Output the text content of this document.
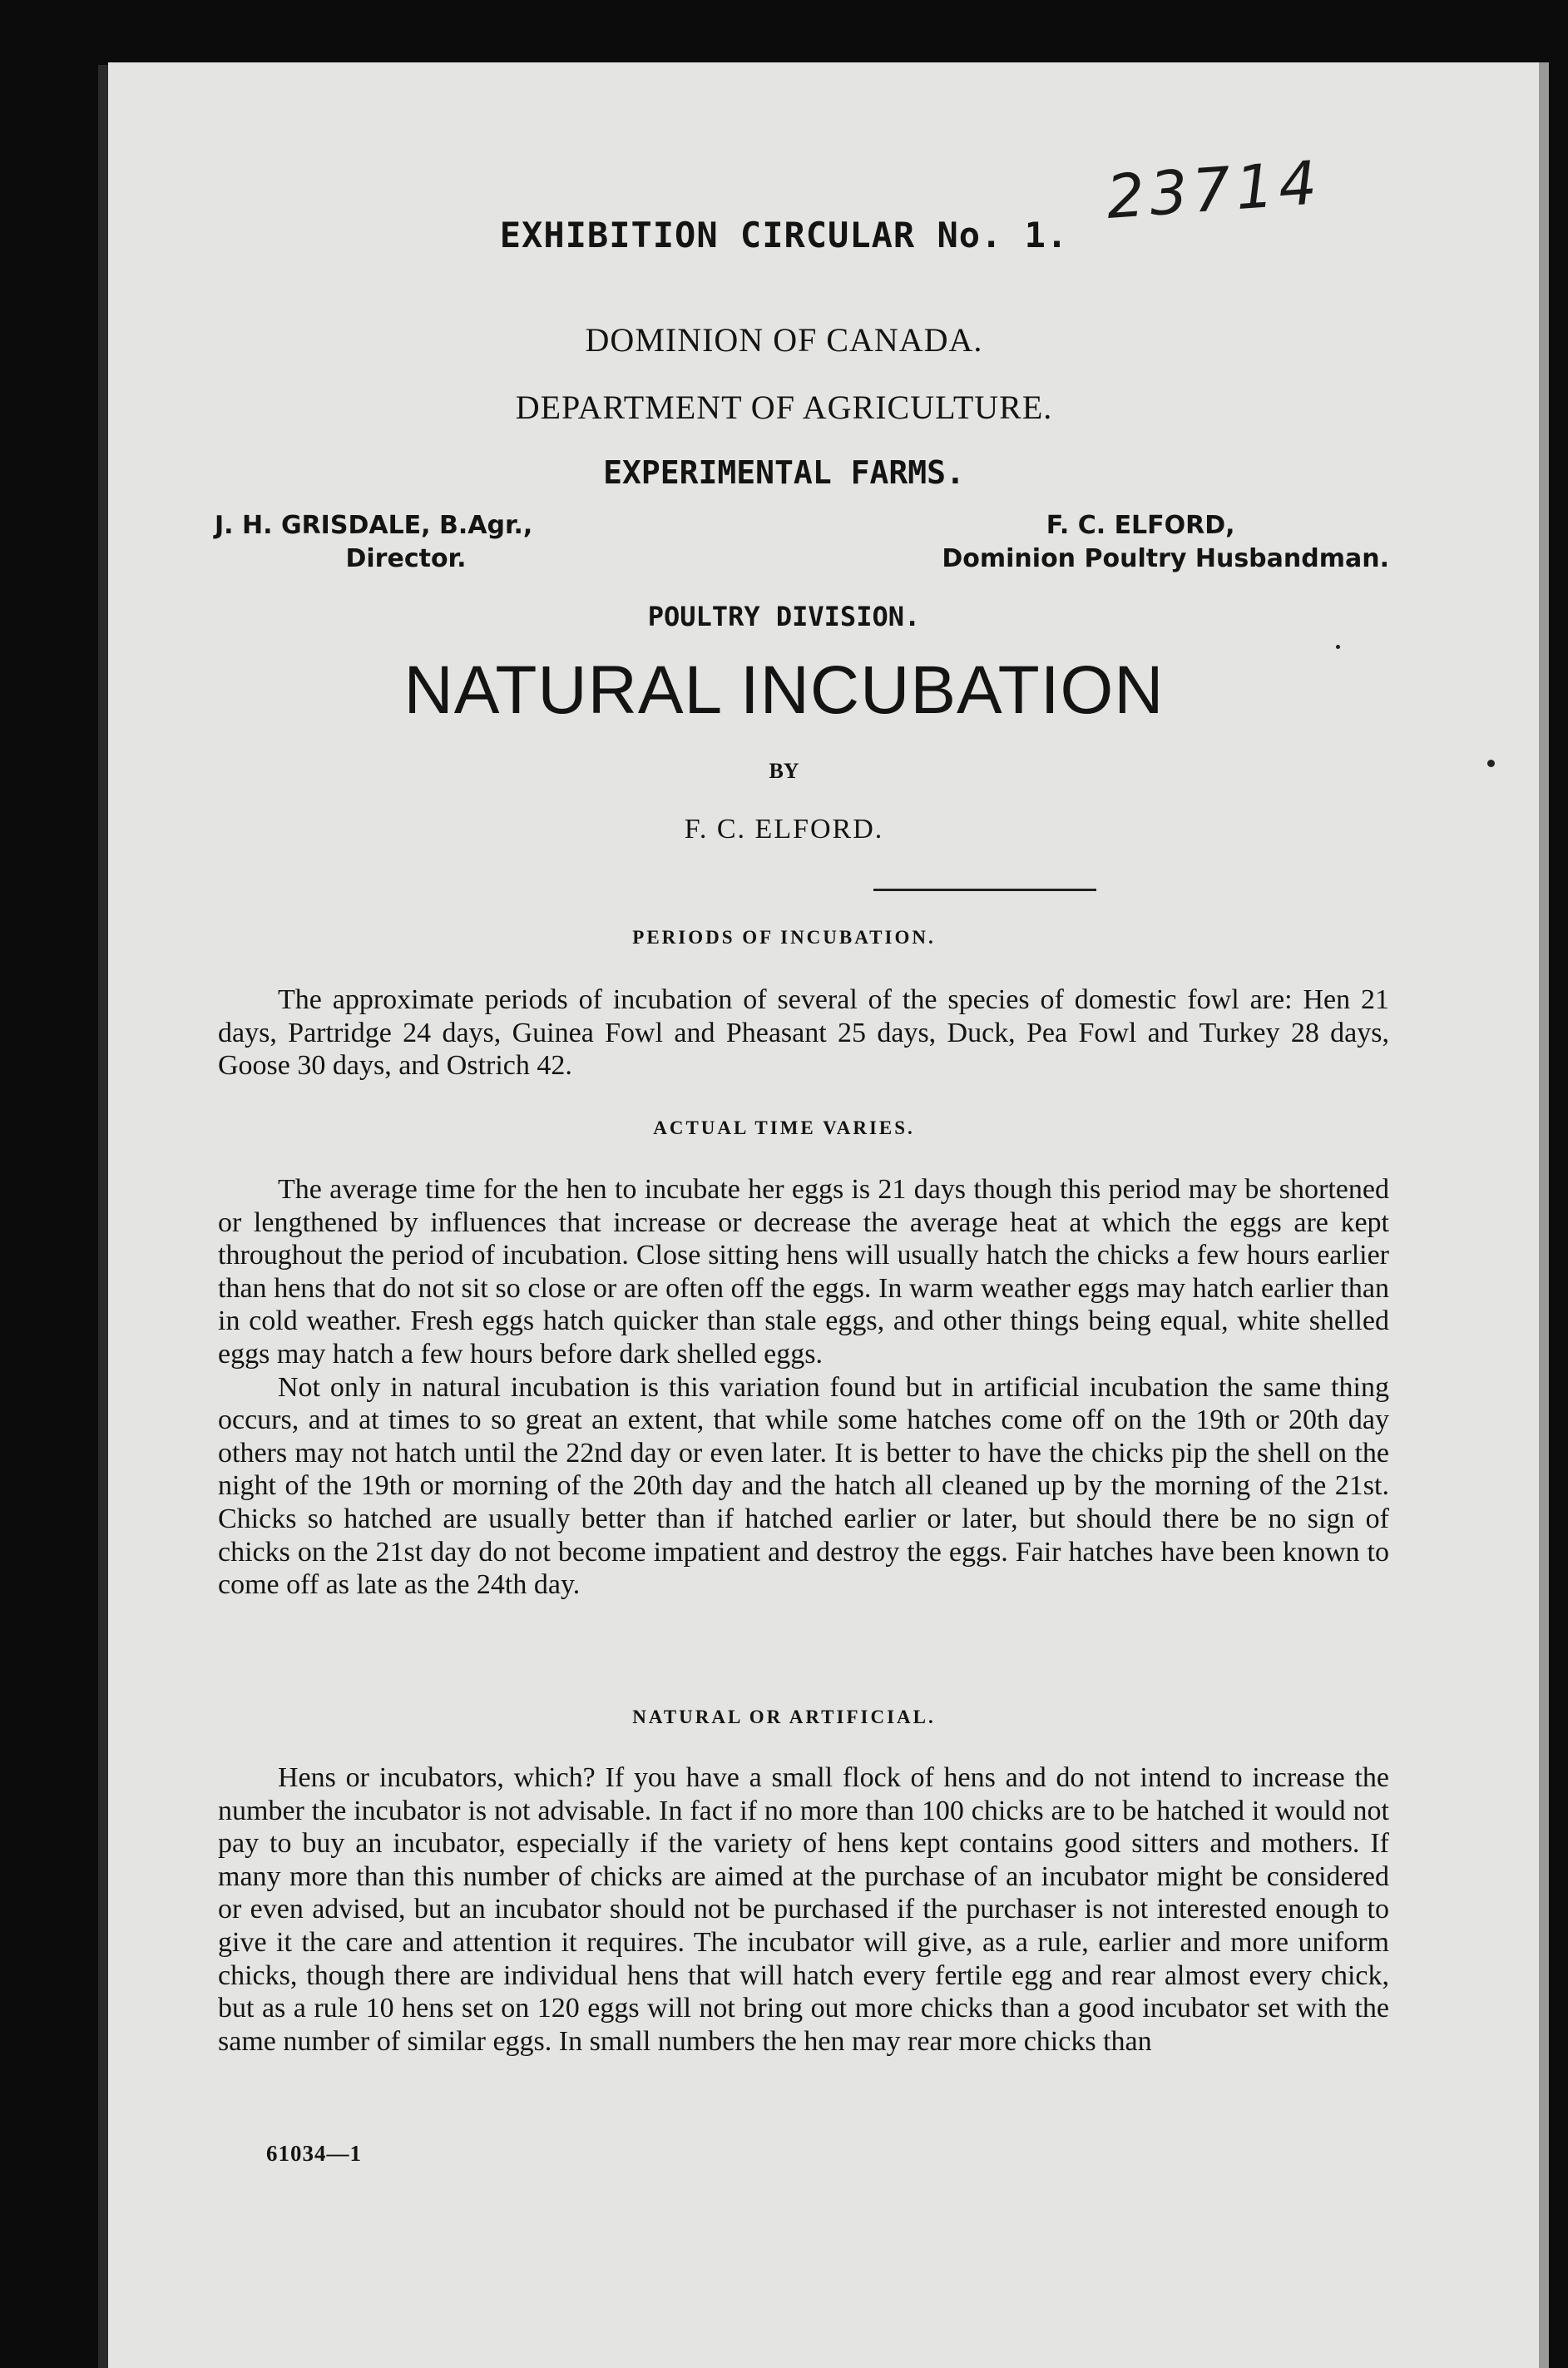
23714
EXHIBITION CIRCULAR No. 1.
DOMINION OF CANADA.
DEPARTMENT OF AGRICULTURE.
EXPERIMENTAL FARMS.
J. H. GRISDALE, B.Agr.,
Director.
F. C. ELFORD,
Dominion Poultry Husbandman.
POULTRY DIVISION.
NATURAL INCUBATION
BY
F. C. ELFORD.
PERIODS OF INCUBATION.

The approximate periods of incubation of several of the species of domestic fowl are: Hen 21 days, Partridge 24 days, Guinea Fowl and Pheasant 25 days, Duck, Pea Fowl and Turkey 28 days, Goose 30 days, and Ostrich 42.

ACTUAL TIME VARIES.

The average time for the hen to incubate her eggs is 21 days though this period may be shortened or lengthened by influences that increase or decrease the average heat at which the eggs are kept throughout the period of incubation. Close sitting hens will usually hatch the chicks a few hours earlier than hens that do not sit so close or are often off the eggs. In warm weather eggs may hatch earlier than in cold weather. Fresh eggs hatch quicker than stale eggs, and other things being equal, white shelled eggs may hatch a few hours before dark shelled eggs.

Not only in natural incubation is this variation found but in artificial incubation the same thing occurs, and at times to so great an extent, that while some hatches come off on the 19th or 20th day others may not hatch until the 22nd day or even later. It is better to have the chicks pip the shell on the night of the 19th or morning of the 20th day and the hatch all cleaned up by the morning of the 21st. Chicks so hatched are usually better than if hatched earlier or later, but should there be no sign of chicks on the 21st day do not become impatient and destroy the eggs. Fair hatches have been known to come off as late as the 24th day.

NATURAL OR ARTIFICIAL.

Hens or incubators, which? If you have a small flock of hens and do not intend to increase the number the incubator is not advisable. In fact if no more than 100 chicks are to be hatched it would not pay to buy an incubator, especially if the variety of hens kept contains good sitters and mothers. If many more than this number of chicks are aimed at the purchase of an incubator might be considered or even advised, but an incubator should not be purchased if the purchaser is not interested enough to give it the care and attention it requires. The incubator will give, as a rule, earlier and more uniform chicks, though there are individual hens that will hatch every fertile egg and rear almost every chick, but as a rule 10 hens set on 120 eggs will not bring out more chicks than a good incubator set with the same number of similar eggs. In small numbers the hen may rear more chicks than

61034—1
